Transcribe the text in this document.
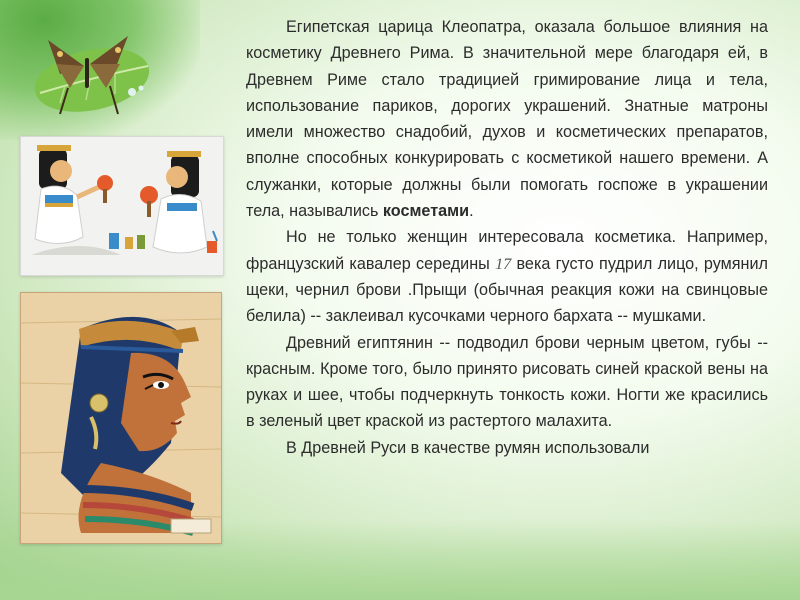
Египетская царица Клеопатра, оказала большое влияния на косметику Древнего Рима. В значительной мере благодаря ей, в Древнем Риме стало традицией гримирование лица и тела, использование париков, дорогих украшений. Знатные матроны имели множество снадобий, духов и косметических препаратов, вполне способных конкурировать с косметикой нашего времени. А служанки, которые должны были помогать госпоже в украшении тела, назывались косметами.

Но не только женщин интересовала косметика. Например, французский кавалер середины 17 века густо пудрил лицо, румянил щеки, чернил брови .Прыщи (обычная реакция кожи на свинцовые белила) -- заклеивал кусочками черного бархата -- мушками.

Древний египтянин -- подводил брови черным цветом, губы --красным. Кроме того, было принято рисовать синей краской вены на руках и шее, чтобы подчеркнуть тонкость кожи. Ногти же красились в зеленый цвет краской из растертого малахита.

В Древней Руси в качестве румян использовали
